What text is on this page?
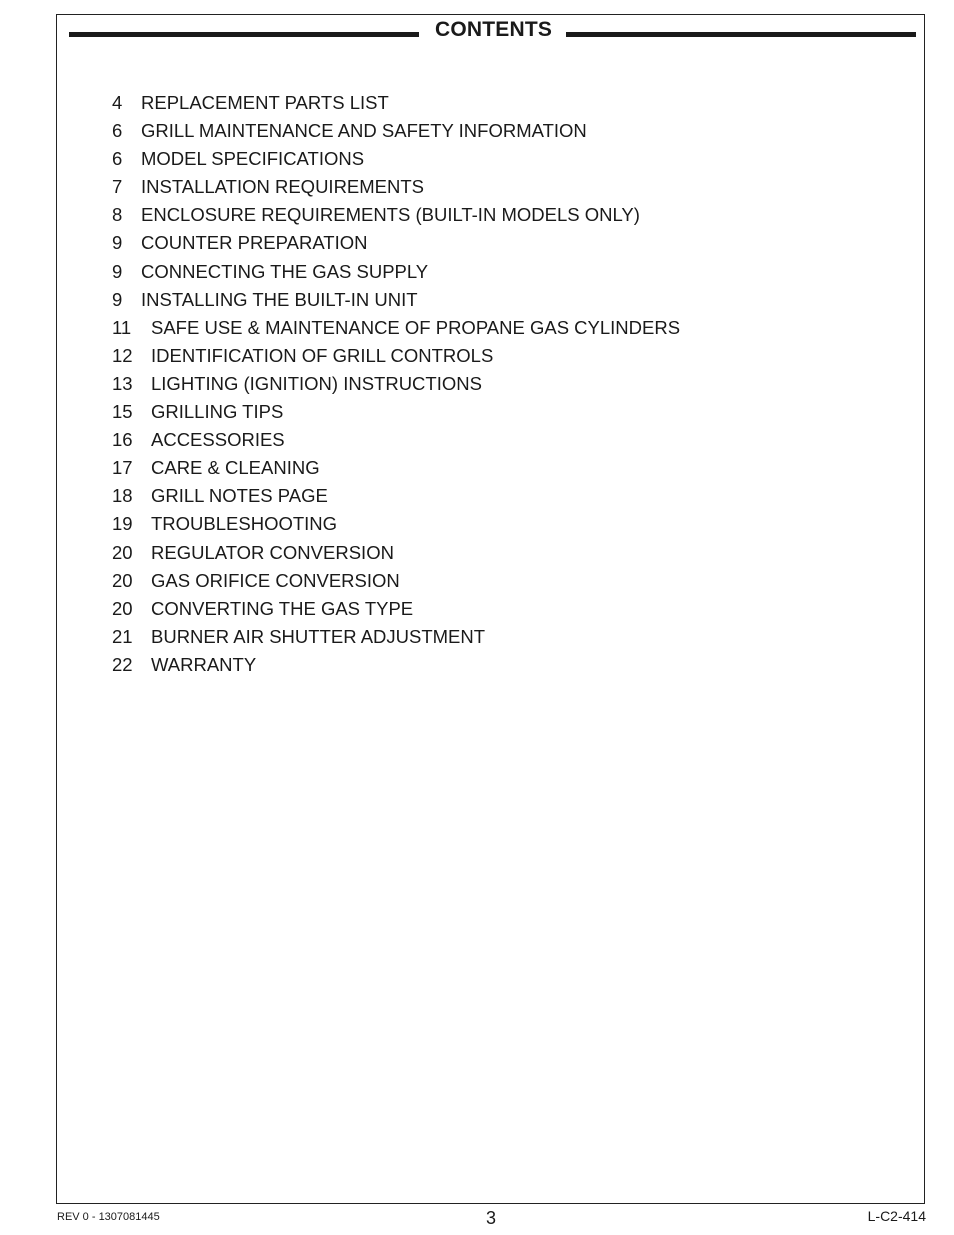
CONTENTS
4	REPLACEMENT PARTS LIST
6	GRILL MAINTENANCE AND SAFETY INFORMATION
6	MODEL SPECIFICATIONS
7	INSTALLATION REQUIREMENTS
8	ENCLOSURE REQUIREMENTS (BUILT-IN MODELS ONLY)
9	COUNTER PREPARATION
9	CONNECTING THE GAS SUPPLY
9	INSTALLING THE BUILT-IN UNIT
11	SAFE USE & MAINTENANCE OF PROPANE GAS CYLINDERS
12 IDENTIFICATION OF GRILL CONTROLS
13 LIGHTING (IGNITION) INSTRUCTIONS
15 GRILLING TIPS
16 ACCESSORIES
17 CARE & CLEANING
18 GRILL NOTES PAGE
19 TROUBLESHOOTING
20 REGULATOR CONVERSION
20 GAS ORIFICE CONVERSION
20 CONVERTING THE GAS TYPE
21 BURNER AIR SHUTTER ADJUSTMENT
22 WARRANTY
REV 0 - 1307081445	3	L-C2-414
